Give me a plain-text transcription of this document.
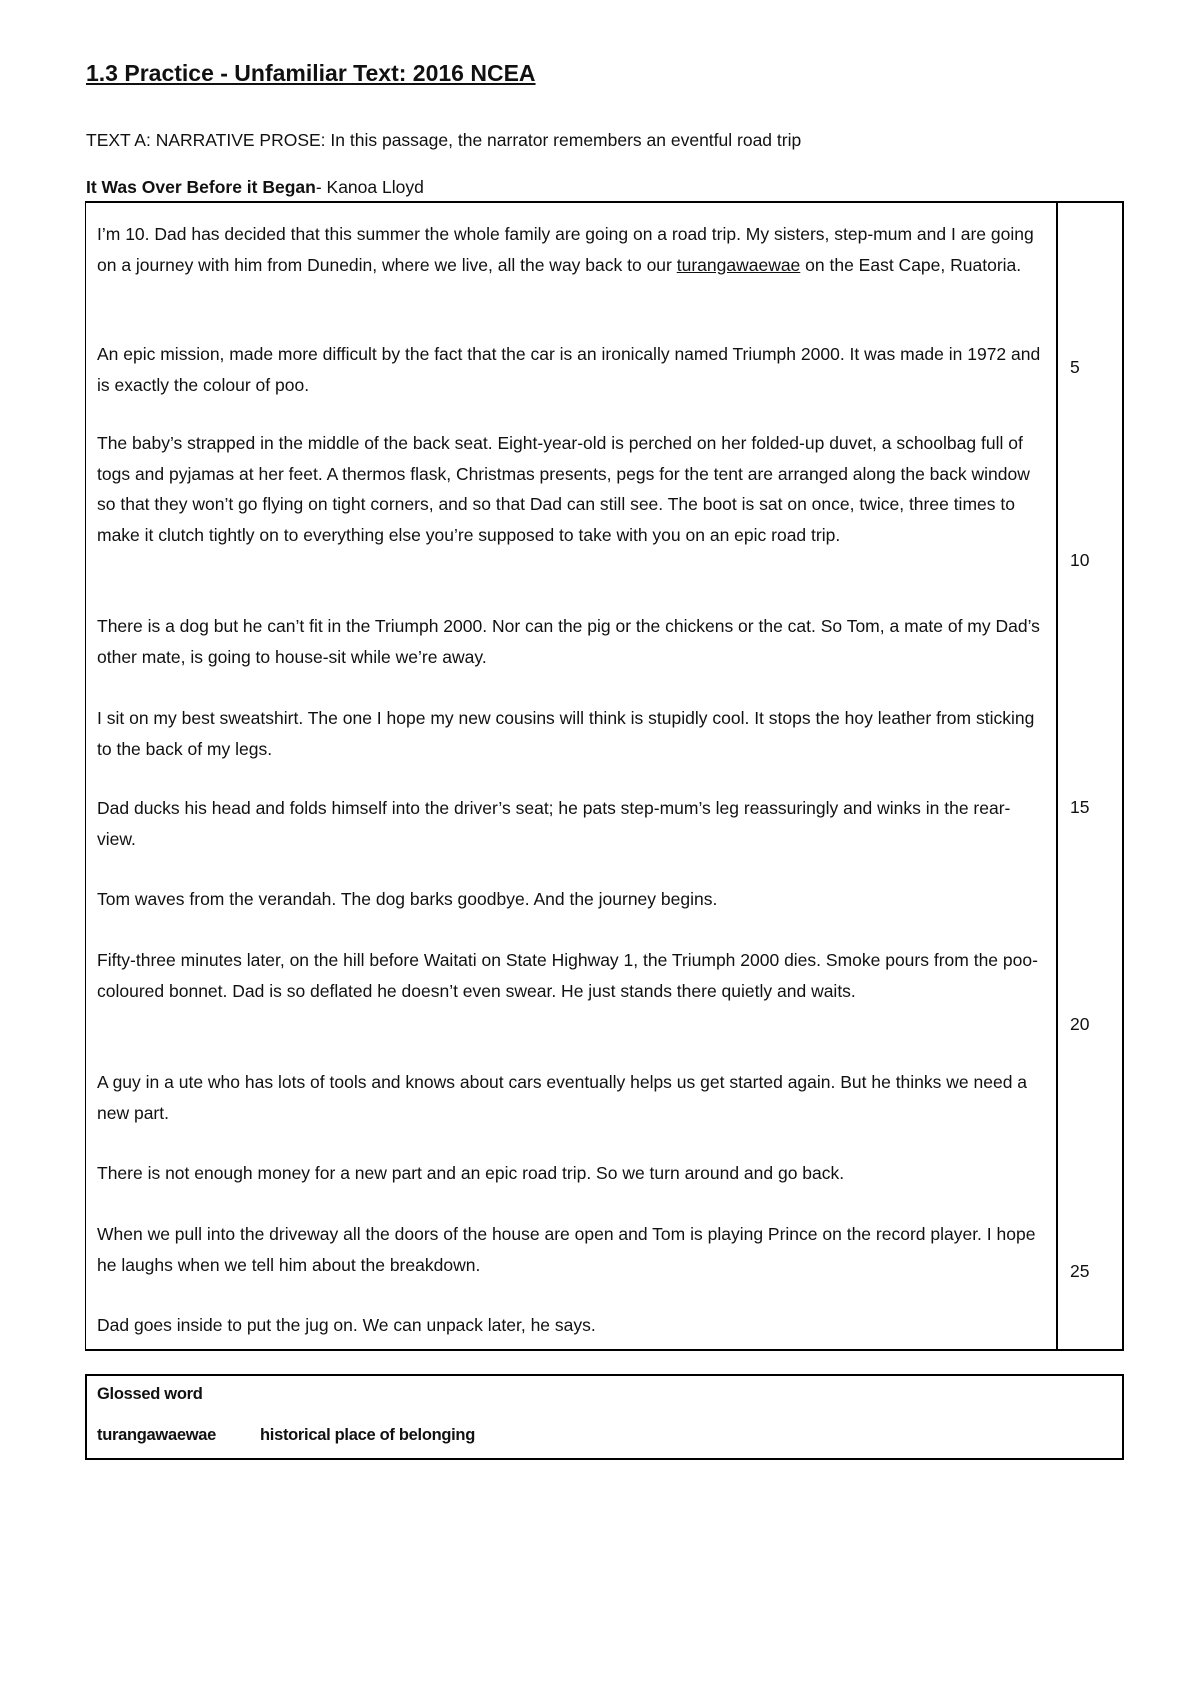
1.3 Practice - Unfamiliar Text: 2016 NCEA
TEXT A: NARRATIVE PROSE: In this passage, the narrator remembers an eventful road trip
It Was Over Before it Began- Kanoa Lloyd
I’m 10. Dad has decided that this summer the whole family are going on a road trip. My sisters, step-mum and I are going on a journey with him from Dunedin, where we live, all the way back to our turangawaewae on the East Cape, Ruatoria.
An epic mission, made more difficult by the fact that the car is an ironically named Triumph 2000. It was made in 1972 and is exactly the colour of poo.
The baby’s strapped in the middle of the back seat. Eight-year-old is perched on her folded-up duvet, a schoolbag full of togs and pyjamas at her feet. A thermos flask, Christmas presents, pegs for the tent are arranged along the back window so that they won’t go flying on tight corners, and so that Dad can still see. The boot is sat on once, twice, three times to make it clutch tightly on to everything else you’re supposed to take with you on an epic road trip.
There is a dog but he can’t fit in the Triumph 2000. Nor can the pig or the chickens or the cat. So Tom, a mate of my Dad’s other mate, is going to house-sit while we’re away.
I sit on my best sweatshirt. The one I hope my new cousins will think is stupidly cool. It stops the hoy leather from sticking to the back of my legs.
Dad ducks his head and folds himself into the driver’s seat; he pats step-mum’s leg reassuringly and winks in the rear-view.
Tom waves from the verandah. The dog barks goodbye. And the journey begins.
Fifty-three minutes later, on the hill before Waitati on State Highway 1, the Triumph 2000 dies. Smoke pours from the poo-coloured bonnet. Dad is so deflated he doesn’t even swear. He just stands there quietly and waits.
A guy in a ute who has lots of tools and knows about cars eventually helps us get started again. But he thinks we need a new part.
There is not enough money for a new part and an epic road trip. So we turn around and go back.
When we pull into the driveway all the doors of the house are open and Tom is playing Prince on the record player. I hope he laughs when we tell him about the breakdown.
Dad goes inside to put the jug on. We can unpack later, he says.
5
10
15
20
25
Glossed word
turangawaewae	historical place of belonging
